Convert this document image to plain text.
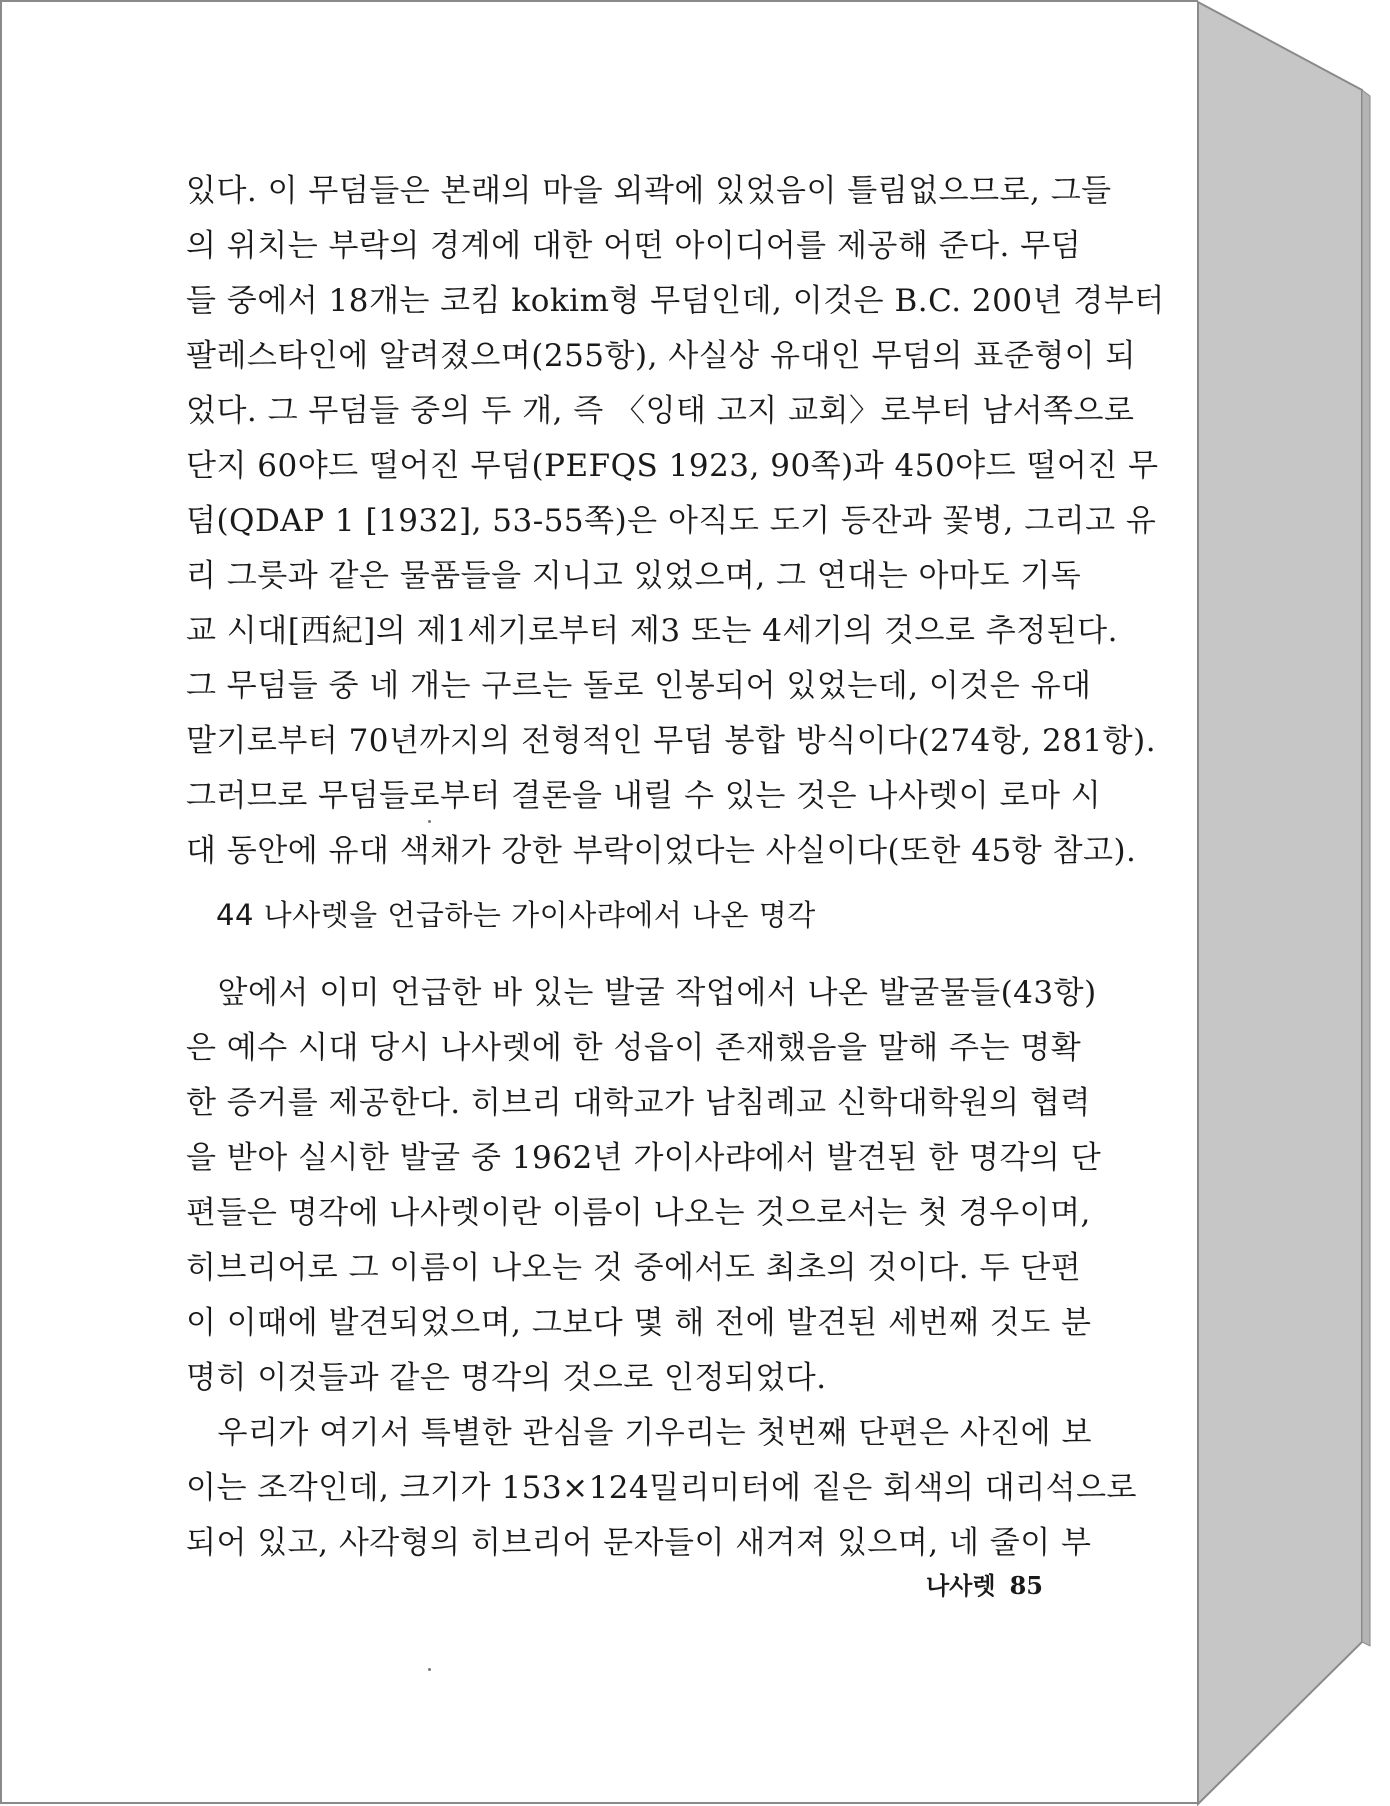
있다. 이 무덤들은 본래의 마을 외곽에 있었음이 틀림없으므로, 그들
의 위치는 부락의 경계에 대한 어떤 아이디어를 제공해 준다. 무덤
들 중에서 18개는 코킴 kokim형 무덤인데, 이것은 B.C. 200년 경부터
팔레스타인에 알려졌으며(255항), 사실상 유대인 무덤의 표준형이 되
었다. 그 무덤들 중의 두 개, 즉 〈잉태 고지 교회〉로부터 남서쪽으로
단지 60야드 떨어진 무덤(PEFQS 1923, 90쪽)과 450야드 떨어진 무
덤(QDAP 1 [1932], 53-55쪽)은 아직도 도기 등잔과 꽃병, 그리고 유
리 그릇과 같은 물품들을 지니고 있었으며, 그 연대는 아마도 기독
교 시대[西紀]의 제1세기로부터 제3 또는 4세기의 것으로 추정된다.
그 무덤들 중 네 개는 구르는 돌로 인봉되어 있었는데, 이것은 유대
말기로부터 70년까지의 전형적인 무덤 봉합 방식이다(274항, 281항).
그러므로 무덤들로부터 결론을 내릴 수 있는 것은 나사렛이 로마 시
대 동안에 유대 색채가 강한 부락이었다는 사실이다(또한 45항 참고).
44 나사렛을 언급하는 가이사랴에서 나온 명각
　앞에서 이미 언급한 바 있는 발굴 작업에서 나온 발굴물들(43항)
은 예수 시대 당시 나사렛에 한 성읍이 존재했음을 말해 주는 명확
한 증거를 제공한다. 히브리 대학교가 남침례교 신학대학원의 협력
을 받아 실시한 발굴 중 1962년 가이사랴에서 발견된 한 명각의 단
편들은 명각에 나사렛이란 이름이 나오는 것으로서는 첫 경우이며,
히브리어로 그 이름이 나오는 것 중에서도 최초의 것이다. 두 단편
이 이때에 발견되었으며, 그보다 몇 해 전에 발견된 세번째 것도 분
명히 이것들과 같은 명각의 것으로 인정되었다.
　우리가 여기서 특별한 관심을 기우리는 첫번째 단편은 사진에 보
이는 조각인데, 크기가 153×124밀리미터에 짙은 회색의 대리석으로
되어 있고, 사각형의 히브리어 문자들이 새겨져 있으며, 네 줄이 부
나사렛 85
